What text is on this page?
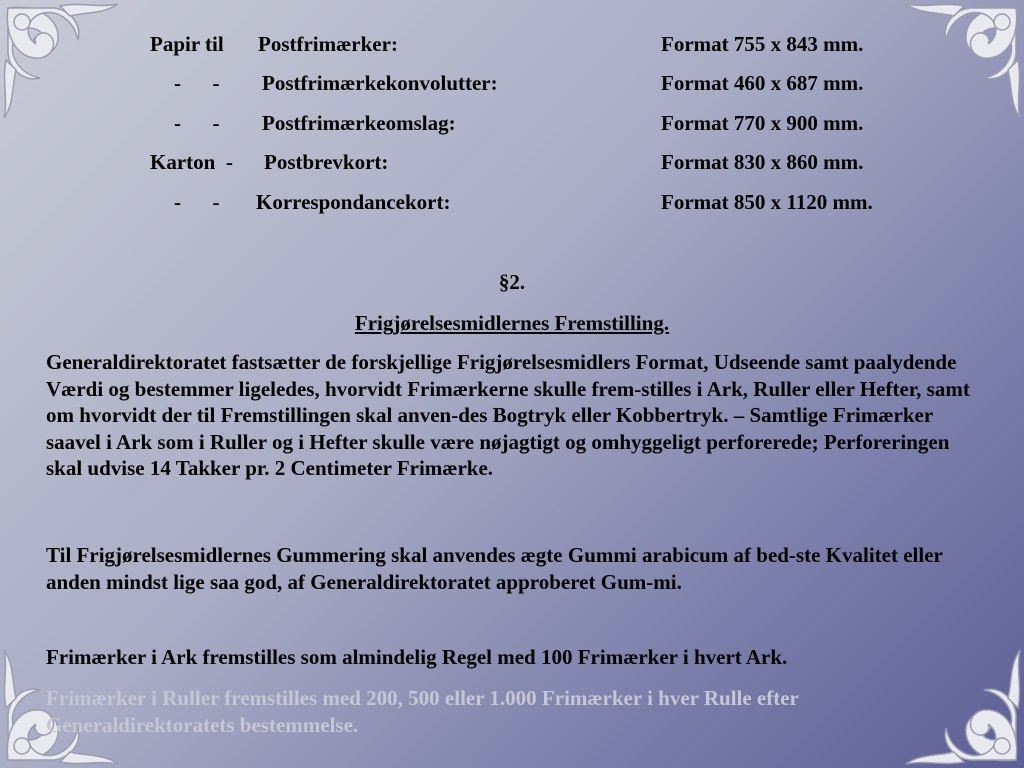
Papir til Postfrimærker:	Format 755 x 843 mm.
-      - Postfrimærkekonvolutter:	Format 460 x 687 mm.
-      - Postfrimærkeomslag:	Format 770 x 900 mm.
Karton  - Postbrevkort:	Format 830 x 860 mm.
-      - Korrespondancekort:	Format 850 x 1120 mm.
§2.
Frigjørelsesmidlernes Fremstilling.
Generaldirektoratet fastsætter de forskjellige Frigjørelsesmidlers Format, Udseende samt paalydende Værdi og bestemmer ligeledes, hvorvidt Frimærkerne skulle frem-stilles i Ark, Ruller eller Hefter, samt om hvorvidt der til Fremstillingen skal anven-des Bogtryk eller Kobbertryk. – Samtlige Frimærker saavel i Ark som i Ruller og i Hefter skulle være nøjagtigt og omhyggeligt perforerede; Perforeringen skal udvise 14 Takker pr. 2 Centimeter Frimærke.
Til Frigjørelsesmidlernes Gummering skal anvendes ægte Gummi arabicum af bed-ste Kvalitet eller anden mindst lige saa god, af Generaldirektoratet approberet Gum-mi.
Frimærker i Ark fremstilles som almindelig Regel med 100 Frimærker i hvert Ark.
Frimærker i Ruller fremstilles med 200, 500 eller 1.000 Frimærker i hver Rulle efter Generaldirektoratets bestemmelse.
